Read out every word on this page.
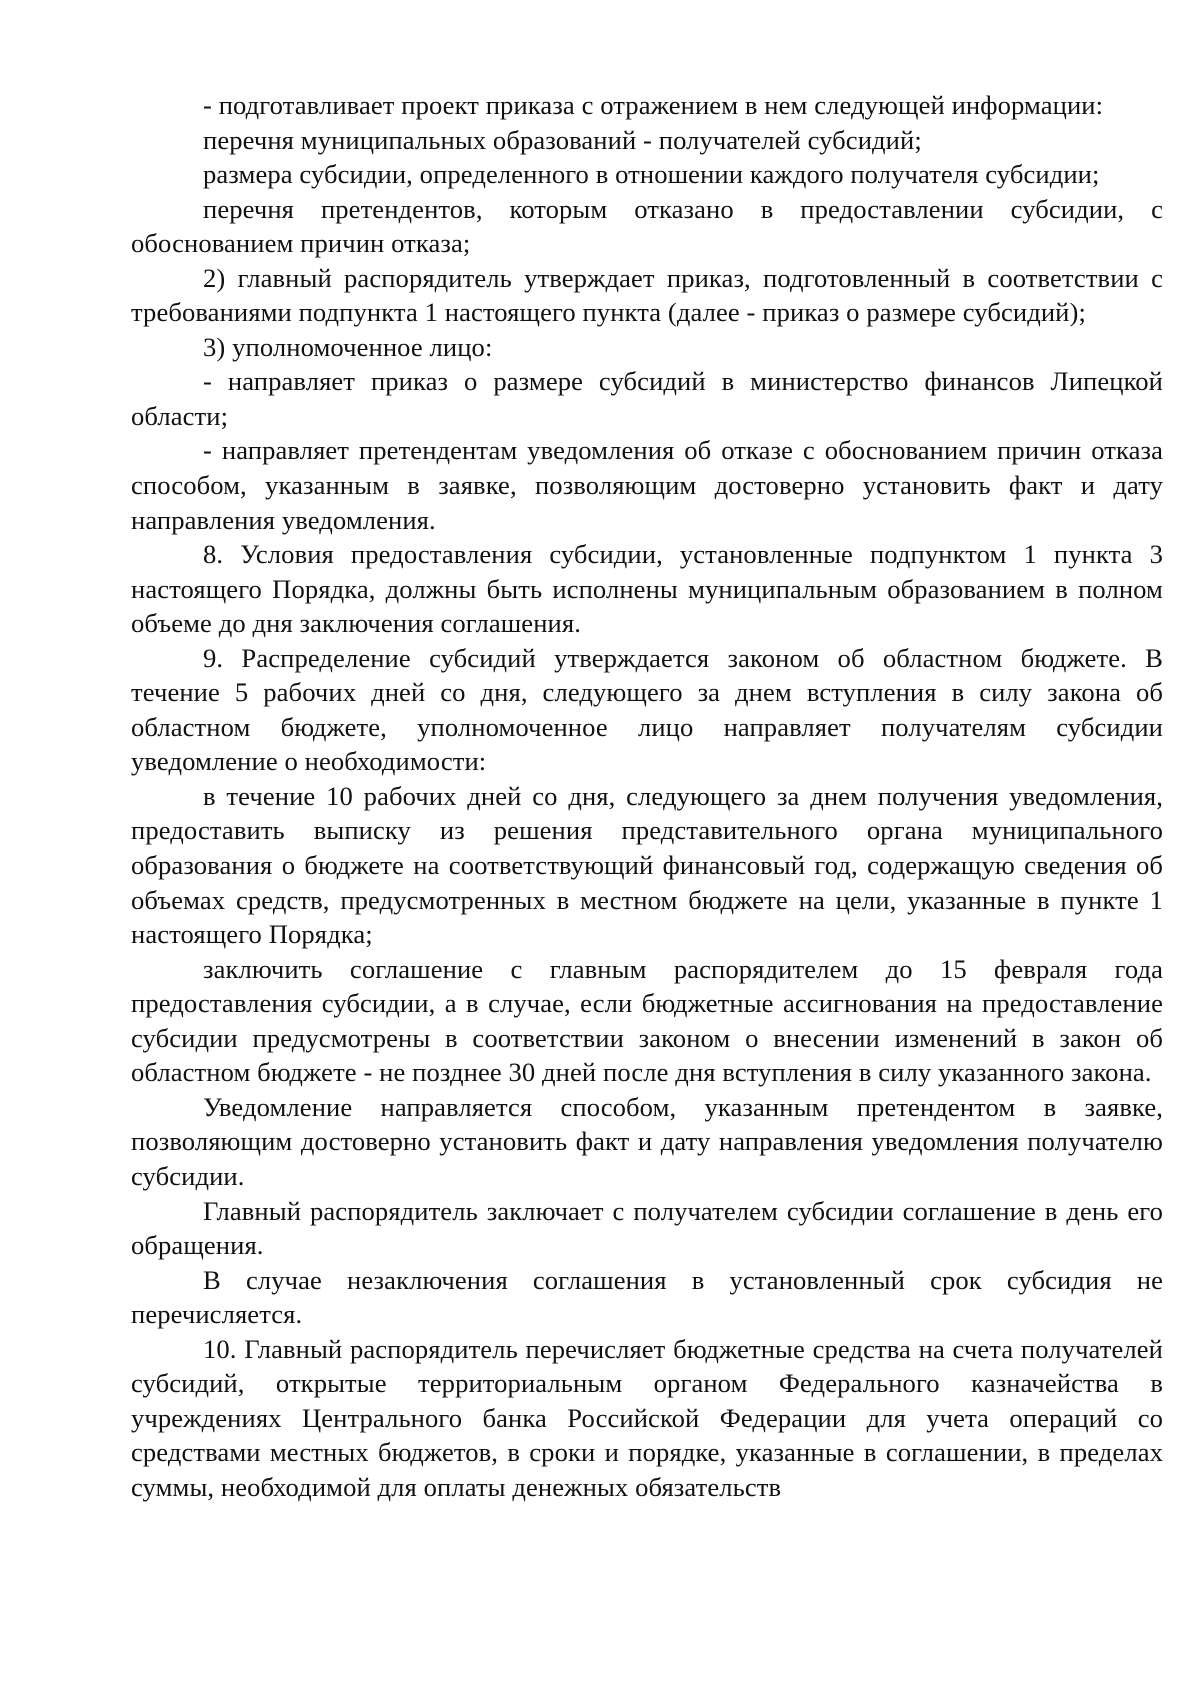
- подготавливает проект приказа с отражением в нем следующей информации:

перечня муниципальных образований - получателей субсидий;

размера субсидии, определенного в отношении каждого получателя субсидии;

перечня претендентов, которым отказано в предоставлении субсидии, с обоснованием причин отказа;

2) главный распорядитель утверждает приказ, подготовленный в соответствии с требованиями подпункта 1 настоящего пункта (далее - приказ о размере субсидий);

3) уполномоченное лицо:

- направляет приказ о размере субсидий в министерство финансов Липецкой области;

- направляет претендентам уведомления об отказе с обоснованием причин отказа способом, указанным в заявке, позволяющим достоверно установить факт и дату направления уведомления.

8. Условия предоставления субсидии, установленные подпунктом 1 пункта 3 настоящего Порядка, должны быть исполнены муниципальным образованием в полном объеме до дня заключения соглашения.

9. Распределение субсидий утверждается законом об областном бюджете. В течение 5 рабочих дней со дня, следующего за днем вступления в силу закона об областном бюджете, уполномоченное лицо направляет получателям субсидии уведомление о необходимости:

в течение 10 рабочих дней со дня, следующего за днем получения уведомления, предоставить выписку из решения представительного органа муниципального образования о бюджете на соответствующий финансовый год, содержащую сведения об объемах средств, предусмотренных в местном бюджете на цели, указанные в пункте 1 настоящего Порядка;

заключить соглашение с главным распорядителем до 15 февраля года предоставления субсидии, а в случае, если бюджетные ассигнования на предоставление субсидии предусмотрены в соответствии законом о внесении изменений в закон об областном бюджете - не позднее 30 дней после дня вступления в силу указанного закона.

Уведомление направляется способом, указанным претендентом в заявке, позволяющим достоверно установить факт и дату направления уведомления получателю субсидии.

Главный распорядитель заключает с получателем субсидии соглашение в день его обращения.

В случае незаключения соглашения в установленный срок субсидия не перечисляется.

10. Главный распорядитель перечисляет бюджетные средства на счета получателей субсидий, открытые территориальным органом Федерального казначейства в учреждениях Центрального банка Российской Федерации для учета операций со средствами местных бюджетов, в сроки и порядке, указанные в соглашении, в пределах суммы, необходимой для оплаты денежных обязательств
